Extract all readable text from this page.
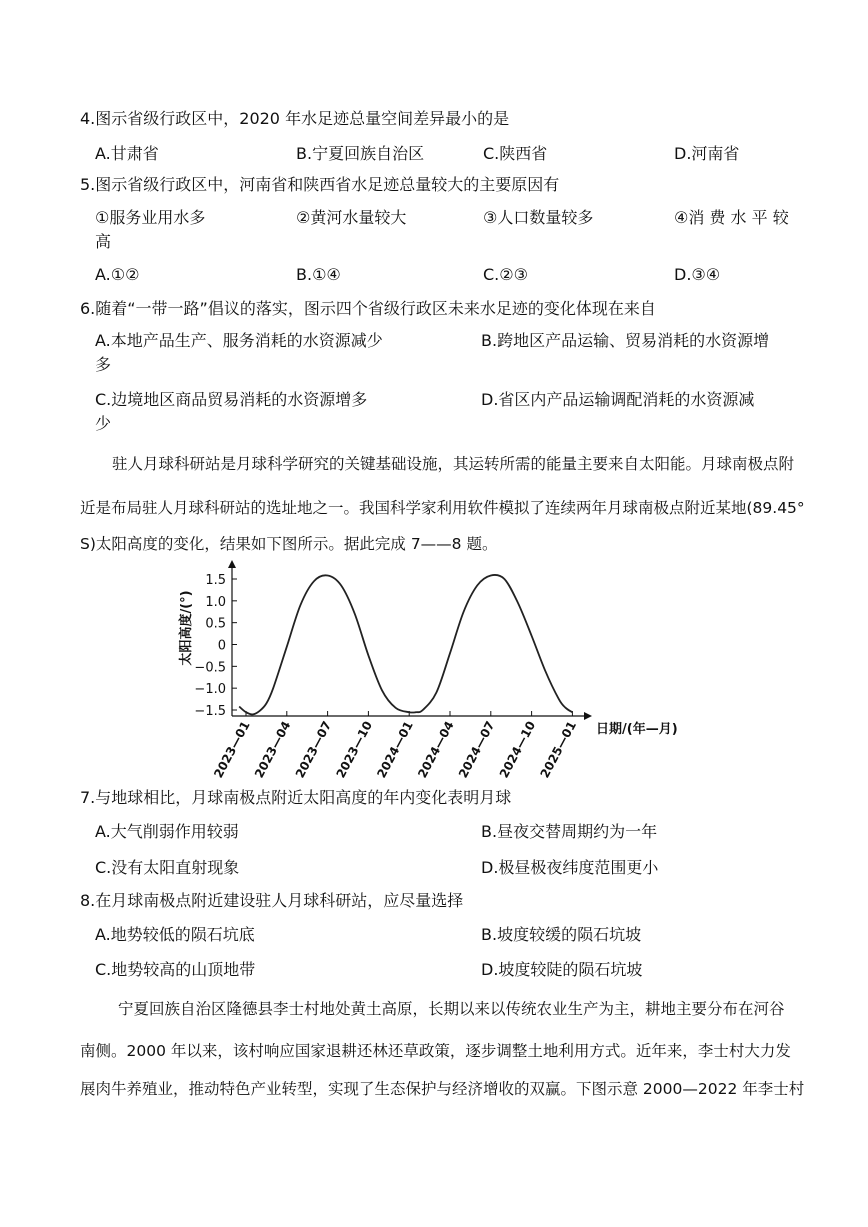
4.图示省级行政区中，2020 年水足迹总量空间差异最小的是
A.甘肃省	B.宁夏回族自治区	C.陕西省	D.河南省
5.图示省级行政区中，河南省和陕西省水足迹总量较大的主要原因有
①服务业用水多	②黄河水量较大	③人口数量较多	④消 费 水 平 较
高
A.①②	B.①④	C.②③	D.③④
6.随着“一带一路”倡议的落实，图示四个省级行政区未来水足迹的变化体现在来自
A.本地产品生产、服务消耗的水资源减少	B.跨地区产品运输、贸易消耗的水资源增
多
C.边境地区商品贸易消耗的水资源增多	D.省区内产品运输调配消耗的水资源减
少
驻人月球科研站是月球科学研究的关键基础设施，其运转所需的能量主要来自太阳能。月球南极点附
近是布局驻人月球科研站的选址地之一。我国科学家利用软件模拟了连续两年月球南极点附近某地(89.45°
S)太阳高度的变化，结果如下图所示。据此完成 7——8 题。
太阳高度/(°)
日期/(年—月)
1.5
1.0
0.5
0
−0.5
−1.0
−1.5
2023—01 2023—04 2023—07 2023—10 2024—01 2024—04 2024—07 2024—10 2025—01
7.与地球相比，月球南极点附近太阳高度的年内变化表明月球
A.大气削弱作用较弱	B.昼夜交替周期约为一年
C.没有太阳直射现象	D.极昼极夜纬度范围更小
8.在月球南极点附近建设驻人月球科研站，应尽量选择
A.地势较低的陨石坑底	B.坡度较缓的陨石坑坡
C.地势较高的山顶地带	D.坡度较陡的陨石坑坡
宁夏回族自治区隆德县李士村地处黄土高原，长期以来以传统农业生产为主，耕地主要分布在河谷
南侧。2000 年以来，该村响应国家退耕还林还草政策，逐步调整土地利用方式。近年来，李士村大力发
展肉牛养殖业，推动特色产业转型，实现了生态保护与经济增收的双赢。下图示意 2000—2022 年李士村
